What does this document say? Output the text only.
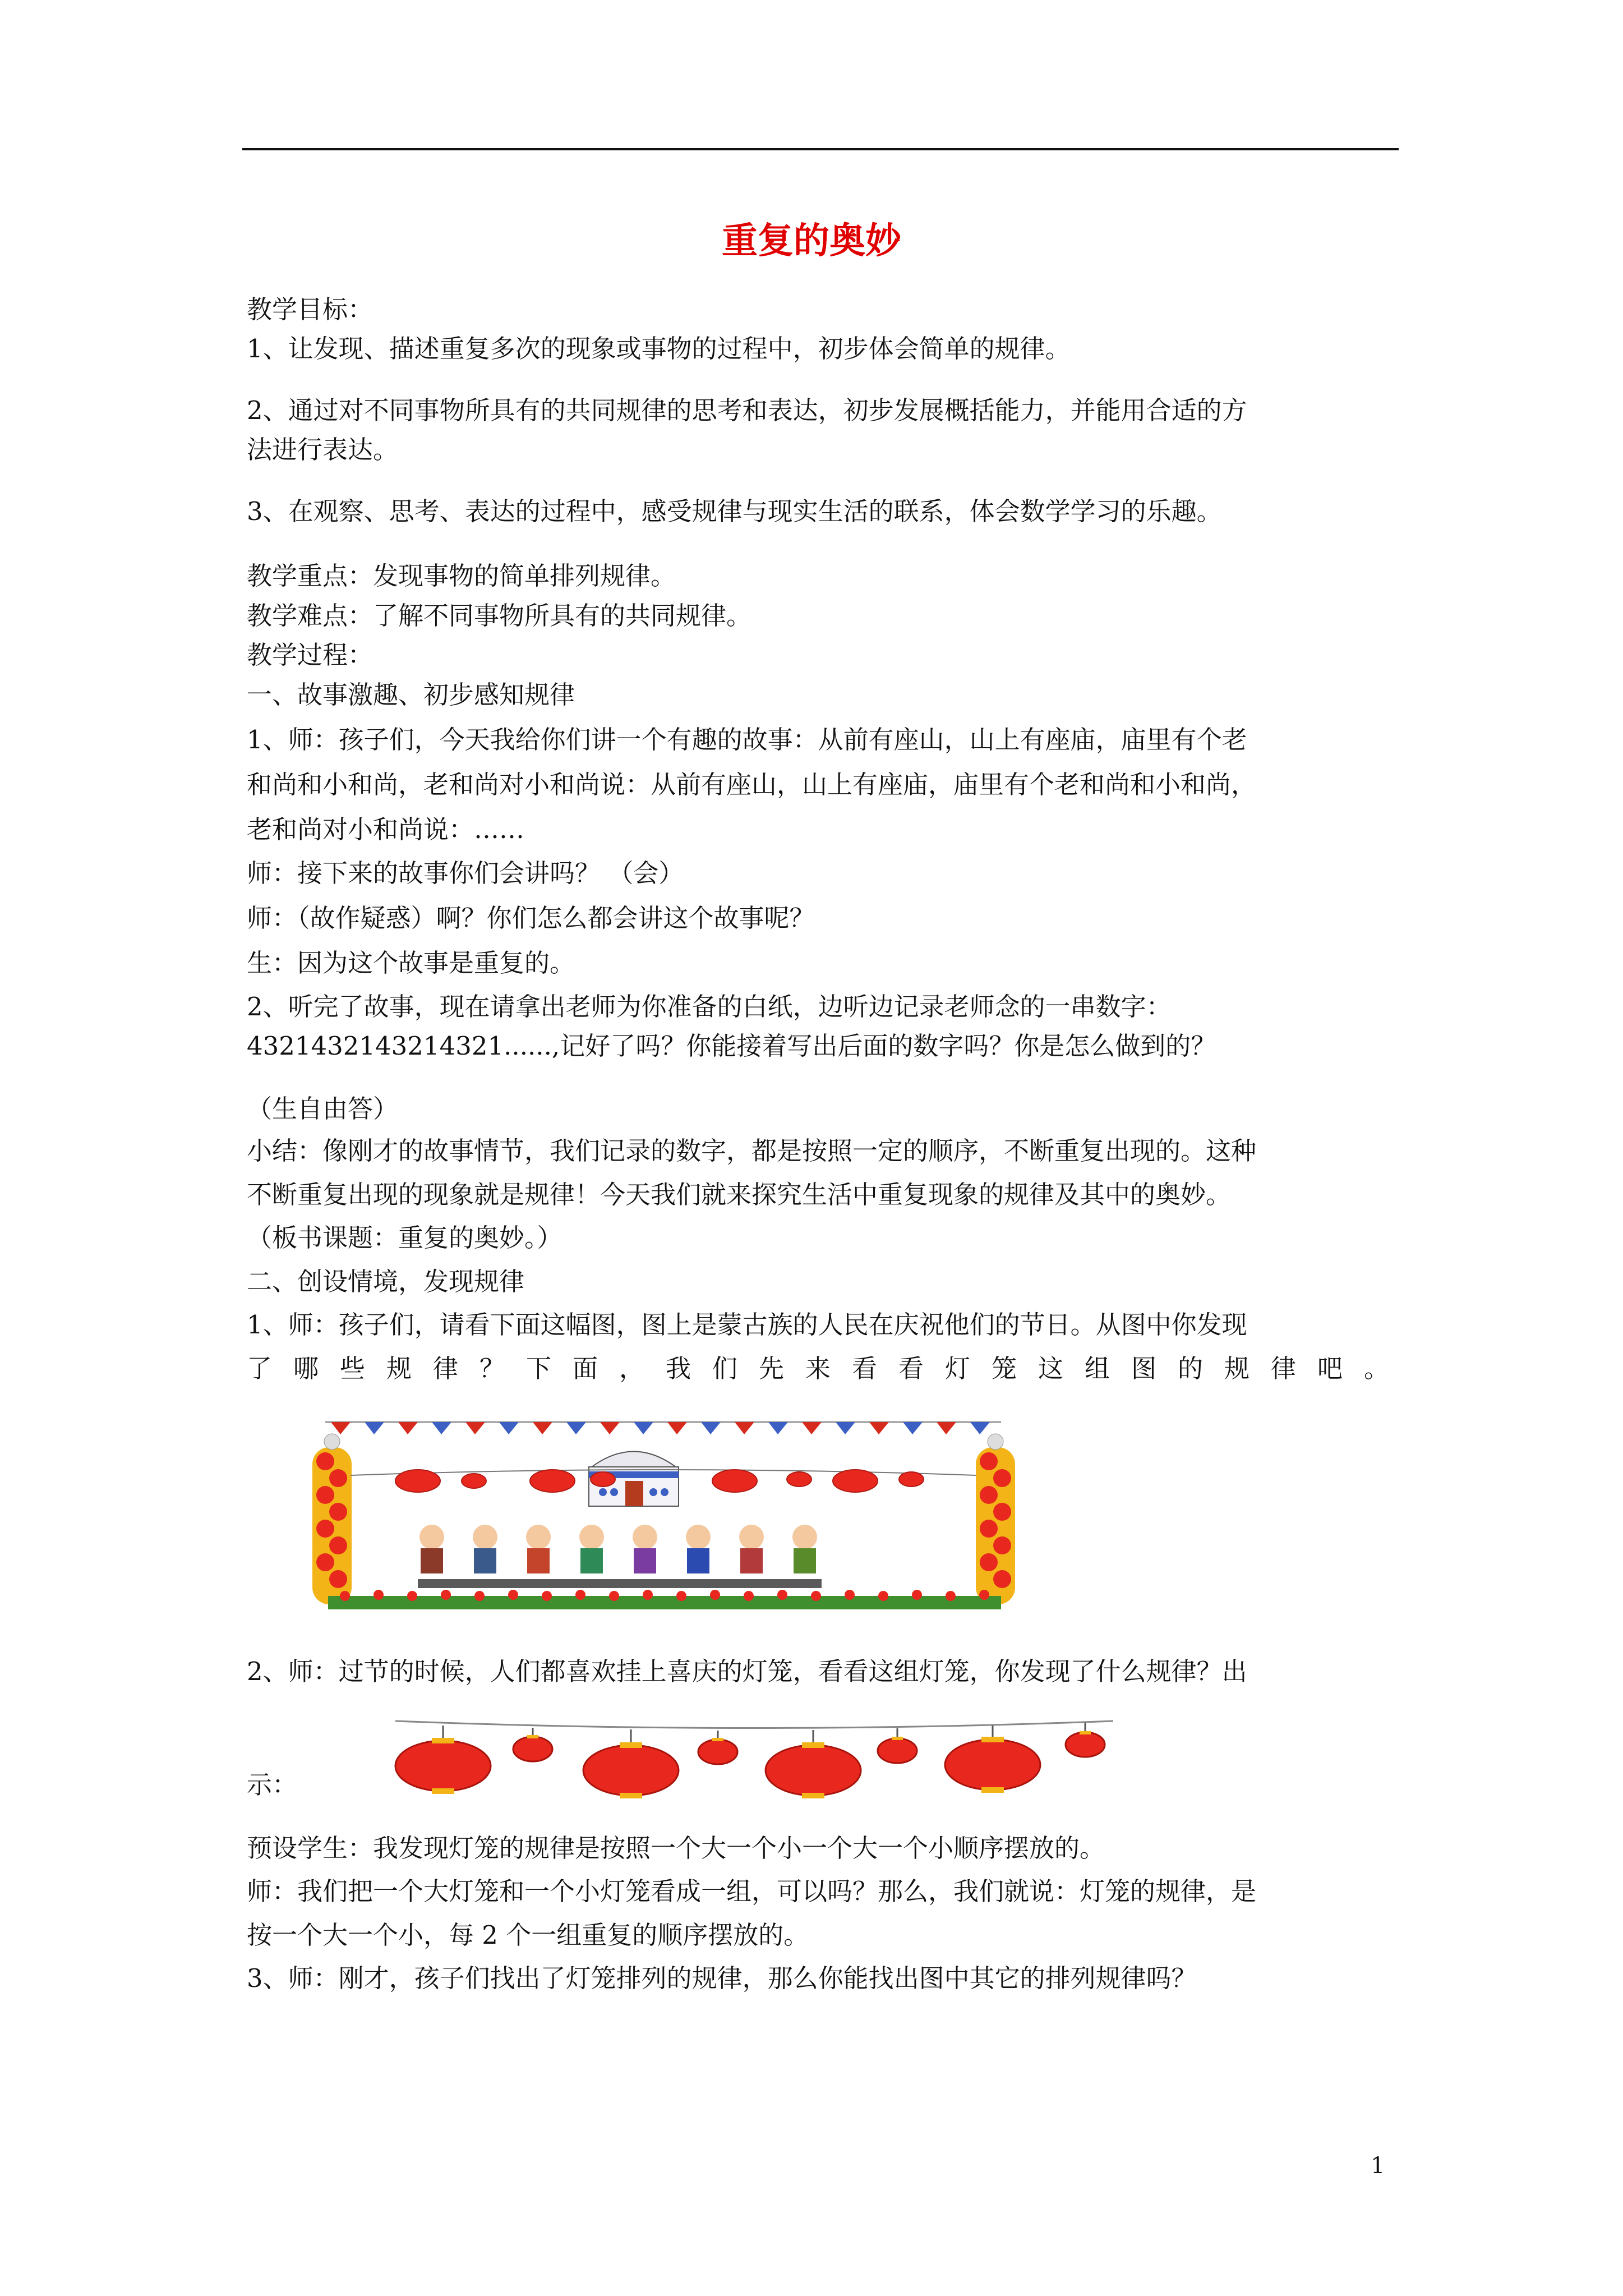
重复的奥妙
教学目标：
1、让发现、描述重复多次的现象或事物的过程中，初步体会简单的规律。
2、通过对不同事物所具有的共同规律的思考和表达，初步发展概括能力，并能用合适的方
法进行表达。
3、在观察、思考、表达的过程中，感受规律与现实生活的联系，体会数学学习的乐趣。
教学重点：发现事物的简单排列规律。
教学难点：了解不同事物所具有的共同规律。
教学过程：
一、故事激趣、初步感知规律
1、师：孩子们，今天我给你们讲一个有趣的故事：从前有座山，山上有座庙，庙里有个老
和尚和小和尚，老和尚对小和尚说：从前有座山，山上有座庙，庙里有个老和尚和小和尚，
老和尚对小和尚说：……
师：接下来的故事你们会讲吗？ （会）
师：（故作疑惑）啊？你们怎么都会讲这个故事呢？
生：因为这个故事是重复的。
2、听完了故事，现在请拿出老师为你准备的白纸，边听边记录老师念的一串数字：
4321432143214321......,记好了吗？你能接着写出后面的数字吗？你是怎么做到的？
（生自由答）
小结：像刚才的故事情节，我们记录的数字，都是按照一定的顺序，不断重复出现的。这种
不断重复出现的现象就是规律！今天我们就来探究生活中重复现象的规律及其中的奥妙。
（板书课题：重复的奥妙。）
二、创设情境，发现规律
1、师：孩子们，请看下面这幅图，图上是蒙古族的人民在庆祝他们的节日。从图中你发现
了哪些规律？下面，我们先来看看灯笼这组图的规律吧。
2、师：过节的时候，人们都喜欢挂上喜庆的灯笼，看看这组灯笼，你发现了什么规律？出
示：
预设学生：我发现灯笼的规律是按照一个大一个小一个大一个小顺序摆放的。
师：我们把一个大灯笼和一个小灯笼看成一组，可以吗？那么，我们就说：灯笼的规律，是
按一个大一个小，每 2 个一组重复的顺序摆放的。
3、师：刚才，孩子们找出了灯笼排列的规律，那么你能找出图中其它的排列规律吗？
1
